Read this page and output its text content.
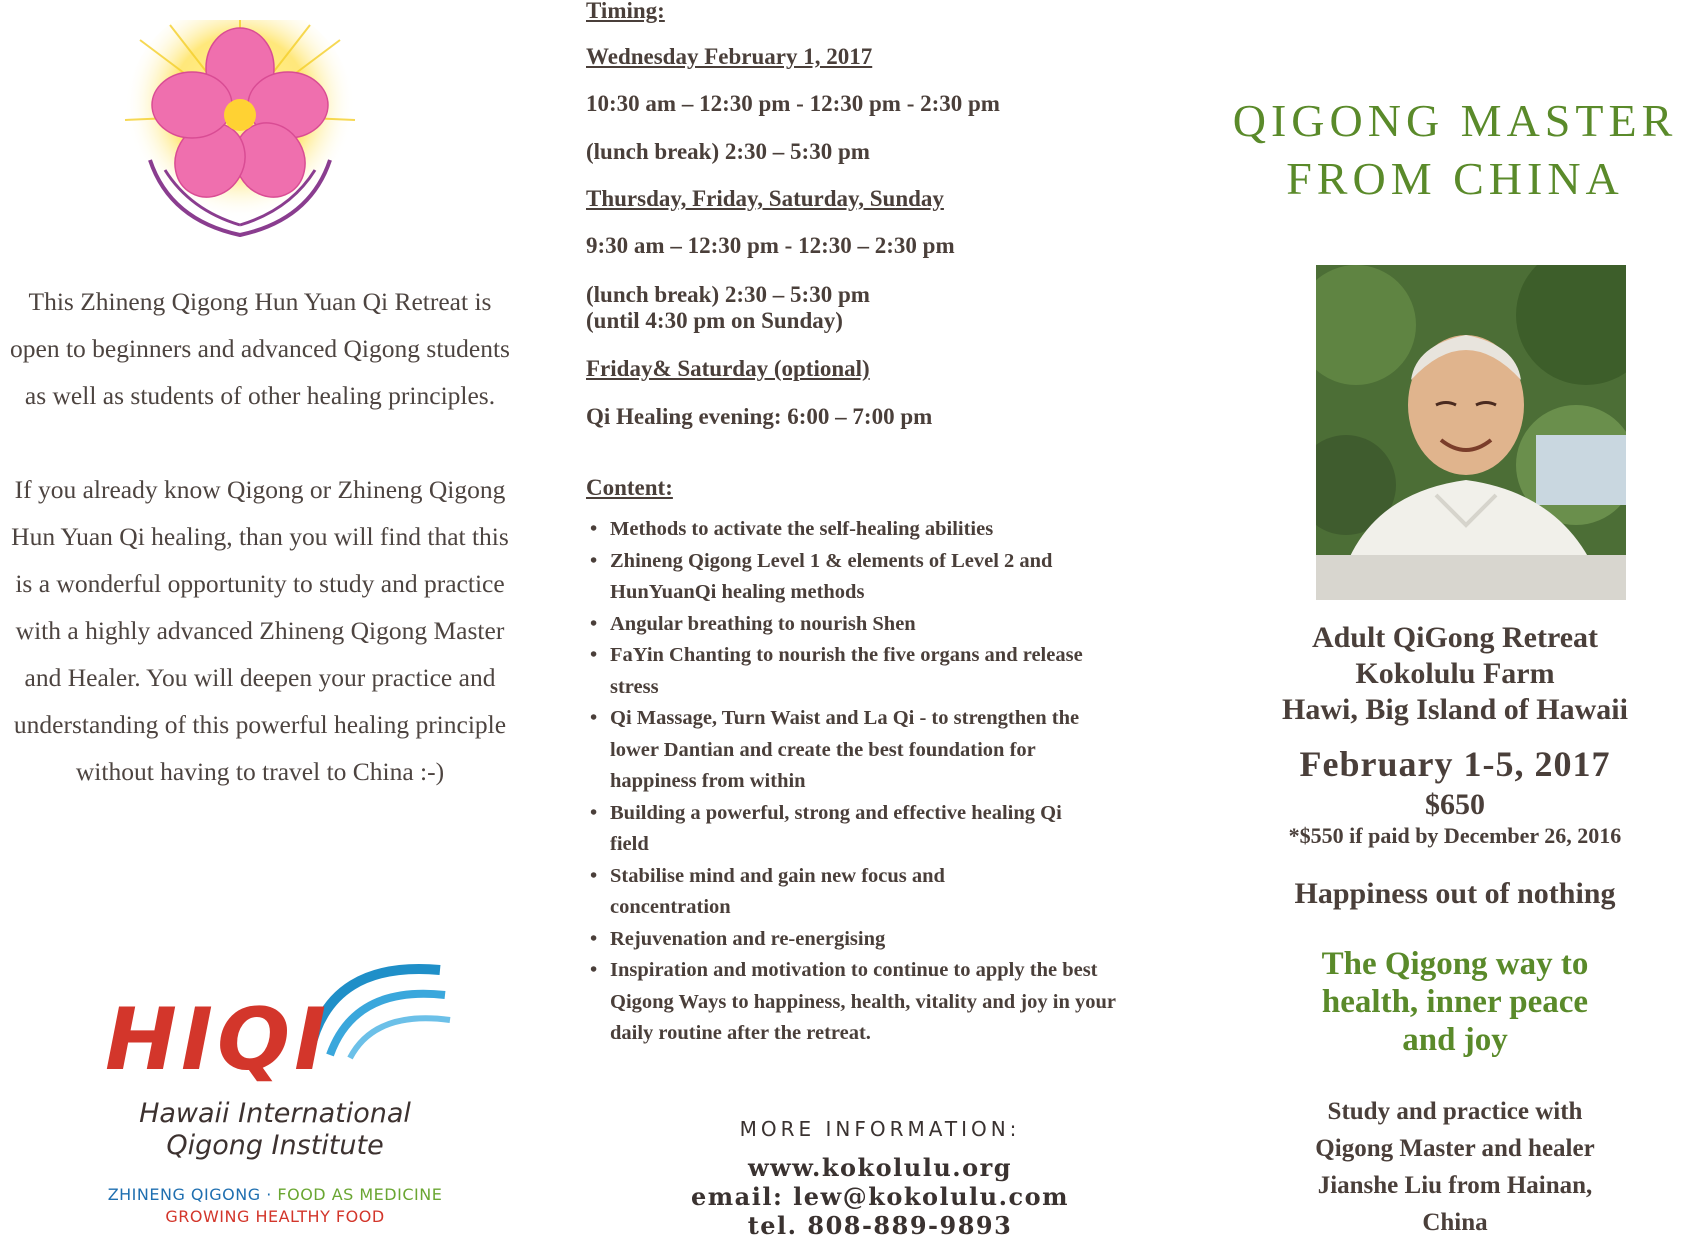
This Zhineng Qigong Hun Yuan Qi Retreat is open to beginners and advanced Qigong students as well as students of other healing principles.

If you already know Qigong or Zhineng Qigong Hun Yuan Qi healing, than you will find that this is a wonderful opportunity to study and practice with a highly advanced Zhineng Qigong Master and Healer. You will deepen your practice and understanding of this powerful healing principle without having to travel to China :-)

HIQI
Hawaii International
Qigong Institute
ZHINENG QIGONG · FOOD AS MEDICINE
GROWING HEALTHY FOOD
Timing:
Wednesday February 1, 2017
10:30 am – 12:30 pm - 12:30 pm - 2:30 pm
(lunch break) 2:30 – 5:30 pm
Thursday, Friday, Saturday, Sunday
9:30 am – 12:30 pm - 12:30 – 2:30 pm
(lunch break) 2:30 – 5:30 pm
(until 4:30 pm on Sunday)
Friday& Saturday (optional)
Qi Healing evening: 6:00 – 7:00 pm
Content:
• Methods to activate the self-healing abilities
• Zhineng Qigong Level 1 & elements of Level 2 and HunYuanQi healing methods
• Angular breathing to nourish Shen
• FaYin Chanting to nourish the five organs and release stress
• Qi Massage, Turn Waist and La Qi - to strengthen the lower Dantian and create the best foundation for happiness from within
• Building a powerful, strong and effective healing Qi field
• Stabilise mind and gain new focus and concentration
• Rejuvenation and re-energising
• Inspiration and motivation to continue to apply the best Qigong Ways to happiness, health, vitality and joy in your daily routine after the retreat.
MORE INFORMATION:
www.kokolulu.org
email: lew@kokolulu.com
tel. 808-889-9893
QIGONG MASTER
FROM CHINA
Adult QiGong Retreat
Kokolulu Farm
Hawi, Big Island of Hawaii
February 1-5, 2017
$650
*$550 if paid by December 26, 2016
Happiness out of nothing
The Qigong way to
health, inner peace
and joy
Study and practice with
Qigong Master and healer
Jianshe Liu from Hainan,
China
